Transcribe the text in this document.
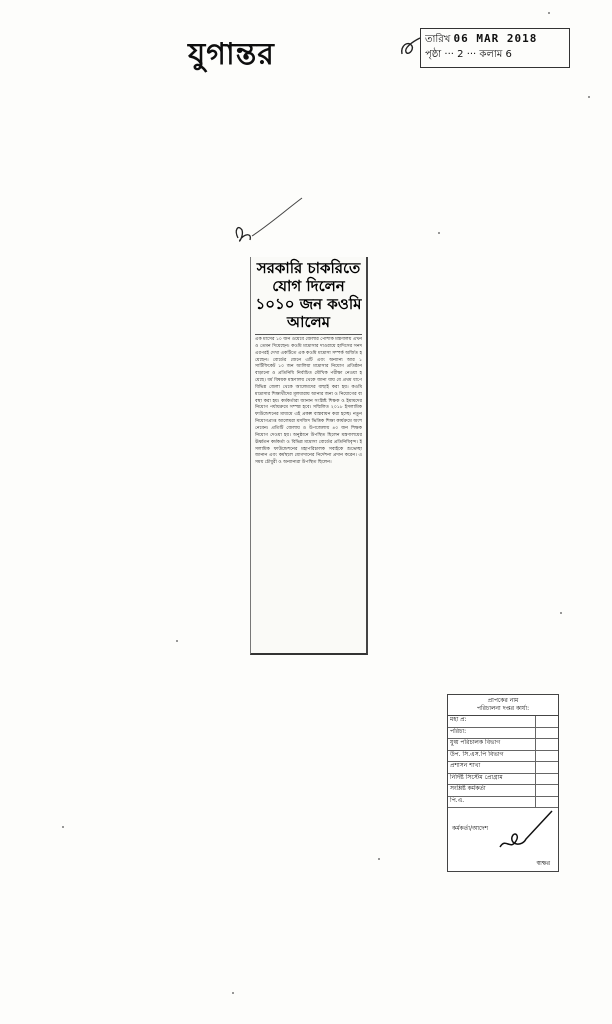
যুগান্তর	তারিখ 06 MAR 2018
পৃষ্ঠা ··· 2 ··· কলাম 6
সরকারি চাকরিতে যোগ দিলেন ১০১০ জন কওমি আলেম
এক মাসের ১০ জন ওয়েবে জেলার পোশাক মন্ত্রণালয় এখনও তেমন দিয়েছেন। কওমি মাদ্রাসার দাওরায়ে হাদিসের সনদ এরপরই দেখা একটিতে এক কওমি মাদ্রাসা সম্পর্ক অর্জিত হয়েছেন। বোর্ডের জেনে এটি এবং অন্যান্য আর ১ সার্টিফিকেট ১০ জন আলিয়া মাদ্রাসার নিয়োগ প্রতিষ্ঠান বাড়ানো ও প্রতিনিধি নির্বাচিত মৌখিক পরীক্ষা নেওয়া হয়েছে। ধর্ম বিষয়ক মন্ত্রণালয় থেকে জানা যায় যে প্রথম ধাপে বিভিন্ন জেলা থেকে আলেমদের বাছাই করা হয়। কওমি মাদ্রাসার শিক্ষার্থীদের মূলধারায় আনার জন্য ও নিয়োগের ব্যবস্থা করা হয়। কর্মকর্তারা জানান সংশ্লিষ্ট শিক্ষক ও ইমামদের নিয়োগ পর্যায়ক্রমে সম্পন্ন হবে। সম্মিলিত ২০১৮ ইসলামিক ফাউন্ডেশনের মাধ্যমে এই প্রকল্প বাস্তবায়ন করা হচ্ছে। নতুন নিয়োগপ্রাপ্ত আলেমরা মসজিদ ভিত্তিক শিক্ষা কার্যক্রমে অংশ নেবেন। প্রতিটি জেলায় ও উপজেলায় ৪০ জন শিক্ষক নিয়োগ দেওয়া হয়। অনুষ্ঠানে উপস্থিত ছিলেন মন্ত্রণালয়ের ঊর্ধ্বতন কর্মকর্তা ও বিভিন্ন মাদ্রাসা বোর্ডের প্রতিনিধিবৃন্দ। ইসলামিক ফাউন্ডেশনের মহাপরিচালক সবাইকে শুভেচ্ছা জানান এবং কর্মস্থলে যোগদানের নির্দেশনা প্রদান করেন। এ সময় চৌধুরী ও অন্যান্যরা উপস্থিত ছিলেন।
প্রাপকের নাম
পরিচালনা দপ্তর কার্যা:
মহা প্র:
পরিচা:
যুগ্ম পরিচালক বিভাগ
উপ. সি.এস.পি বিভাগ
প্রশাসন শাখা
নির্দিষ্ট সিস্টেম প্রোগ্রাম
সংশ্লিষ্ট কর্মকর্তা
পি.এ.
কর্মকর্তা/আদেশ
স্বাক্ষর
